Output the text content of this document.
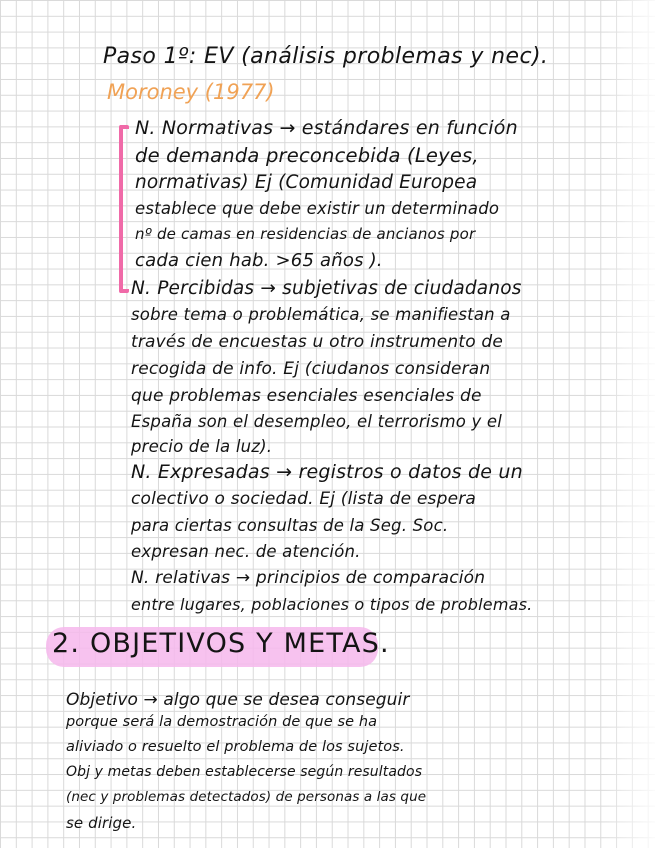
Paso 1º: EV (análisis problemas y nec).
Moroney (1977)
N. Normativas → estándares en función
de demanda preconcebida (Leyes,
normativas) Ej (Comunidad Europea
establece que debe existir un determinado
nº de camas en residencias de ancianos por
cada cien hab. >65 años ).
N. Percibidas → subjetivas de ciudadanos
sobre tema o problemática, se manifiestan a
través de encuestas u otro instrumento de
recogida de info. Ej (ciudanos consideran
que problemas esenciales esenciales de
España son el desempleo, el terrorismo y el
precio de la luz).
N. Expresadas → registros o datos de un
colectivo o sociedad. Ej (lista de espera
para ciertas consultas de la Seg. Soc.
expresan nec. de atención.
N. relativas → principios de comparación
entre lugares, poblaciones o tipos de problemas.
2. OBJETIVOS Y METAS.
Objetivo → algo que se desea conseguir
porque será la demostración de que se ha
aliviado o resuelto el problema de los sujetos.
Obj y metas deben establecerse según resultados
(nec y problemas detectados) de personas a las que
se dirige.
